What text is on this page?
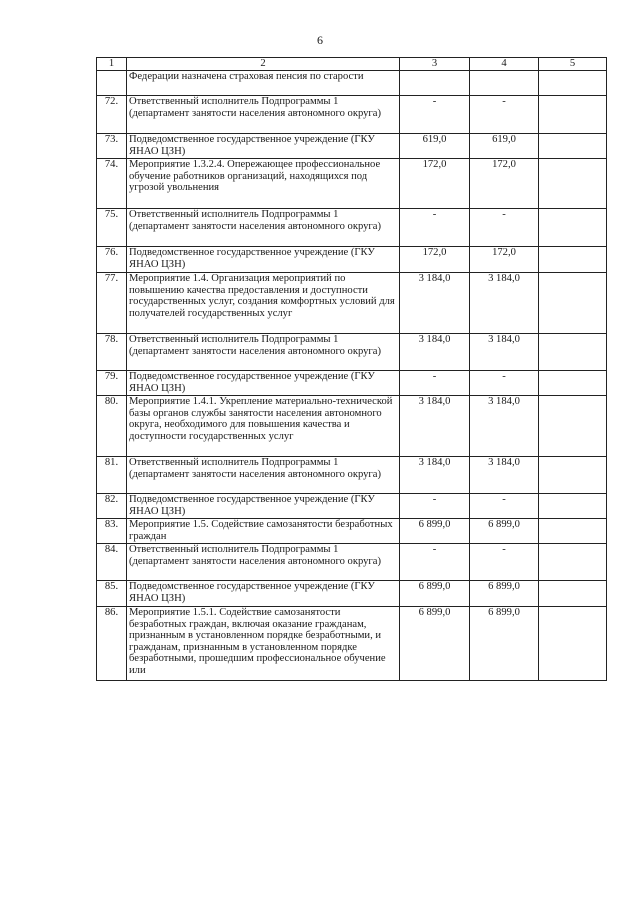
6
1	2	3	4	5
	Федерации назначена страховая пенсия по старости			
72.	Ответственный исполнитель Подпрограммы 1 (департамент занятости населения автономного округа)	-	-	
73.	Подведомственное государственное учреждение (ГКУ ЯНАО ЦЗН)	619,0	619,0	
74.	Мероприятие 1.3.2.4. Опережающее профессиональное обучение работников организаций, находящихся под угрозой увольнения	172,0	172,0	
75.	Ответственный исполнитель Подпрограммы 1 (департамент занятости населения автономного округа)	-	-	
76.	Подведомственное государственное учреждение (ГКУ ЯНАО ЦЗН)	172,0	172,0	
77.	Мероприятие 1.4. Организация мероприятий по повышению качества предоставления и доступности государственных услуг, создания комфортных условий для получателей государственных услуг	3 184,0	3 184,0	
78.	Ответственный исполнитель Подпрограммы 1 (департамент занятости населения автономного округа)	3 184,0	3 184,0	
79.	Подведомственное государственное учреждение (ГКУ ЯНАО ЦЗН)	-	-	
80.	Мероприятие 1.4.1. Укрепление материально-технической базы органов службы занятости населения автономного округа, необходимого для повышения качества и доступности государственных услуг	3 184,0	3 184,0	
81.	Ответственный исполнитель Подпрограммы 1 (департамент занятости населения автономного округа)	3 184,0	3 184,0	
82.	Подведомственное государственное учреждение (ГКУ ЯНАО ЦЗН)	-	-	
83.	Мероприятие 1.5. Содействие самозанятости безработных граждан	6 899,0	6 899,0	
84.	Ответственный исполнитель Подпрограммы 1 (департамент занятости населения автономного округа)	-	-	
85.	Подведомственное государственное учреждение (ГКУ ЯНАО ЦЗН)	6 899,0	6 899,0	
86.	Мероприятие 1.5.1. Содействие самозанятости безработных граждан, включая оказание гражданам, признанным в установленном порядке безработными, и гражданам, признанным в установленном порядке безработными, прошедшим профессиональное обучение или	6 899,0	6 899,0	
